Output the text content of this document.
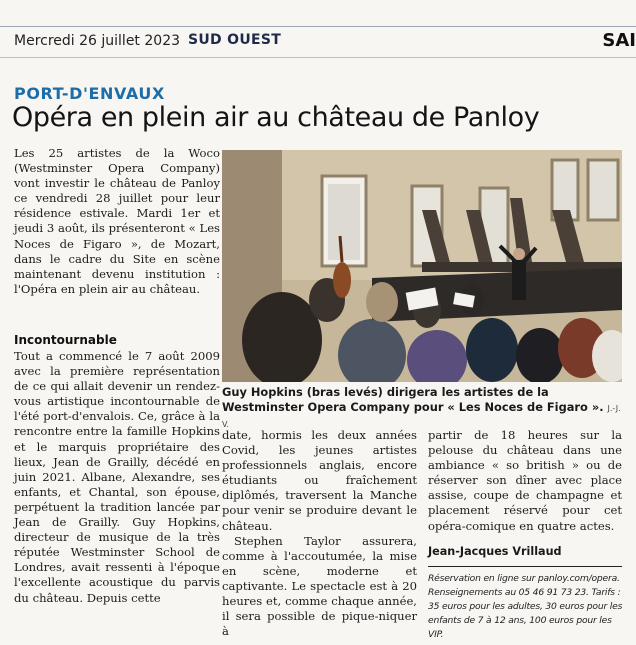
Mercredi 26 juillet 2023 SUD OUEST	SAI
PORT-D'ENVAUX
Opéra en plein air au château de Panloy

Les 25 artistes de la Woco (Westminster Opera Company) vont investir le château de Panloy ce vendredi 28 juillet pour leur résidence estivale. Mardi 1er et jeudi 3 août, ils présenteront « Les Noces de Figaro », de Mozart, dans le cadre du Site en scène maintenant devenu institution : l'Opéra en plein air au château.

Incontournable

Tout a commencé le 7 août 2009 avec la première représentation de ce qui allait devenir un rendez-vous artistique incontournable de l'été port-d'envalois. Ce, grâce à la rencontre entre la famille Hopkins et le marquis propriétaire des lieux, Jean de Grailly, décédé en juin 2021. Albane, Alexandre, ses enfants, et Chantal, son épouse, perpétuent la tradition lancée par Jean de Grailly. Guy Hopkins, directeur de musique de la très réputée Westminster School de Londres, avait ressenti à l'époque l'excellente acoustique du parvis du château. Depuis cette

Guy Hopkins (bras levés) dirigera les artistes de la Westminster Opera Company pour « Les Noces de Figaro ». J.-J. V.

date, hormis les deux années Covid, les jeunes artistes professionnels anglais, encore étudiants ou fraîchement diplômés, traversent la Manche pour venir se produire devant le château.

Stephen Taylor assurera, comme à l'accoutumée, la mise en scène, moderne et captivante. Le spectacle est à 20 heures et, comme chaque année, il sera possible de pique-niquer à

partir de 18 heures sur la pelouse du château dans une ambiance « so british » ou de réserver son dîner avec place assise, coupe de champagne et placement réservé pour cet opéra-comique en quatre actes.

Jean-Jacques Vrillaud
Réservation en ligne sur panloy.com/opera. Renseignements au 05 46 91 73 23. Tarifs : 35 euros pour les adultes, 30 euros pour les enfants de 7 à 12 ans, 100 euros pour les VIP.
